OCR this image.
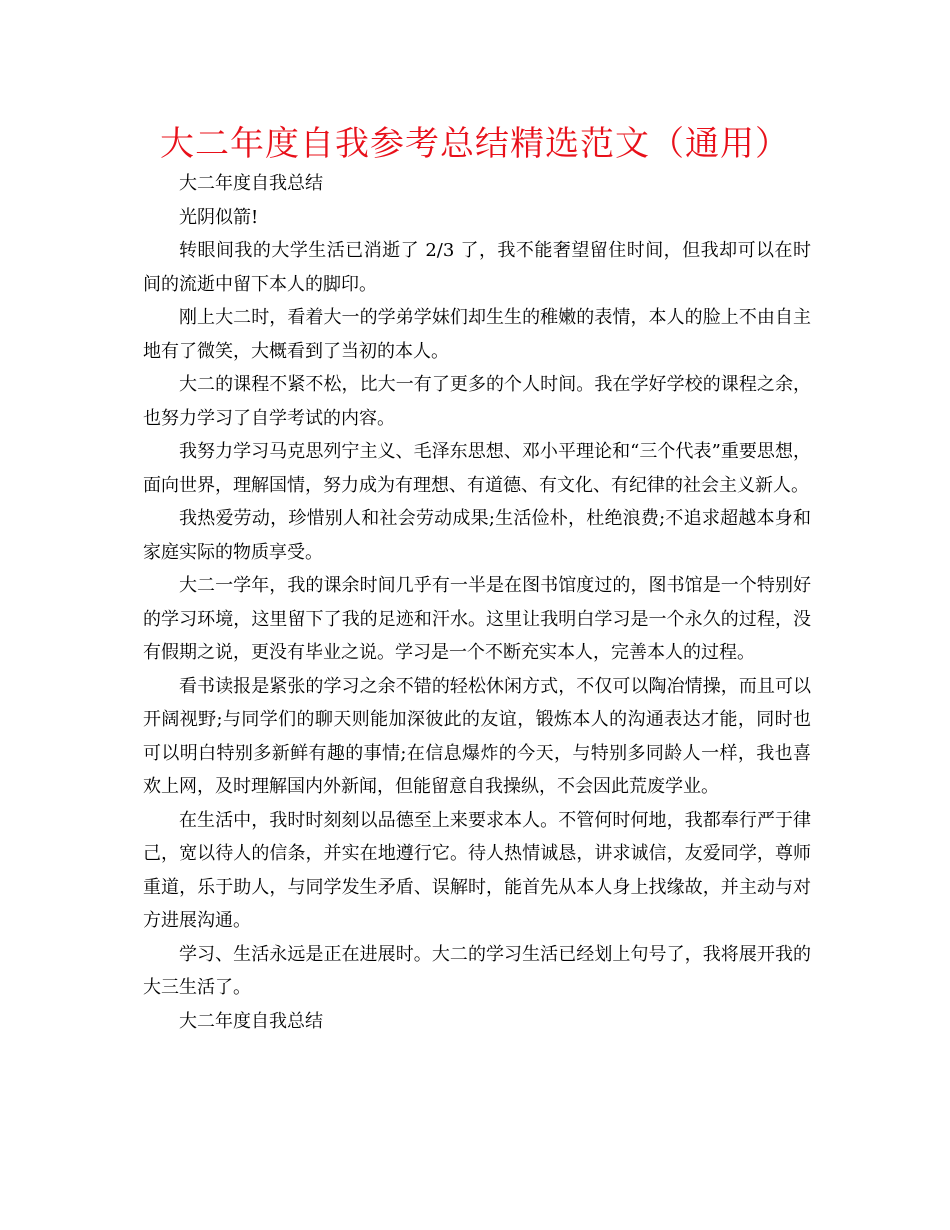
大二年度自我参考总结精选范文（通用）

大二年度自我总结

光阴似箭!

转眼间我的大学生活已消逝了 2/3 了，我不能奢望留住时间，但我却可以在时间的流逝中留下本人的脚印。

刚上大二时，看着大一的学弟学妹们却生生的稚嫩的表情，本人的脸上不由自主地有了微笑，大概看到了当初的本人。

大二的课程不紧不松，比大一有了更多的个人时间。我在学好学校的课程之余，也努力学习了自学考试的内容。

我努力学习马克思列宁主义、毛泽东思想、邓小平理论和“三个代表”重要思想，面向世界，理解国情，努力成为有理想、有道德、有文化、有纪律的社会主义新人。

我热爱劳动，珍惜别人和社会劳动成果;生活俭朴，杜绝浪费;不追求超越本身和家庭实际的物质享受。

大二一学年，我的课余时间几乎有一半是在图书馆度过的，图书馆是一个特别好的学习环境，这里留下了我的足迹和汗水。这里让我明白学习是一个永久的过程，没有假期之说，更没有毕业之说。学习是一个不断充实本人，完善本人的过程。

看书读报是紧张的学习之余不错的轻松休闲方式，不仅可以陶冶情操，而且可以开阔视野;与同学们的聊天则能加深彼此的友谊，锻炼本人的沟通表达才能，同时也可以明白特别多新鲜有趣的事情;在信息爆炸的今天，与特别多同龄人一样，我也喜欢上网，及时理解国内外新闻，但能留意自我操纵，不会因此荒废学业。

在生活中，我时时刻刻以品德至上来要求本人。不管何时何地，我都奉行严于律己，宽以待人的信条，并实在地遵行它。待人热情诚恳，讲求诚信，友爱同学，尊师重道，乐于助人，与同学发生矛盾、误解时，能首先从本人身上找缘故，并主动与对方进展沟通。

学习、生活永远是正在进展时。大二的学习生活已经划上句号了，我将展开我的大三生活了。

大二年度自我总结
